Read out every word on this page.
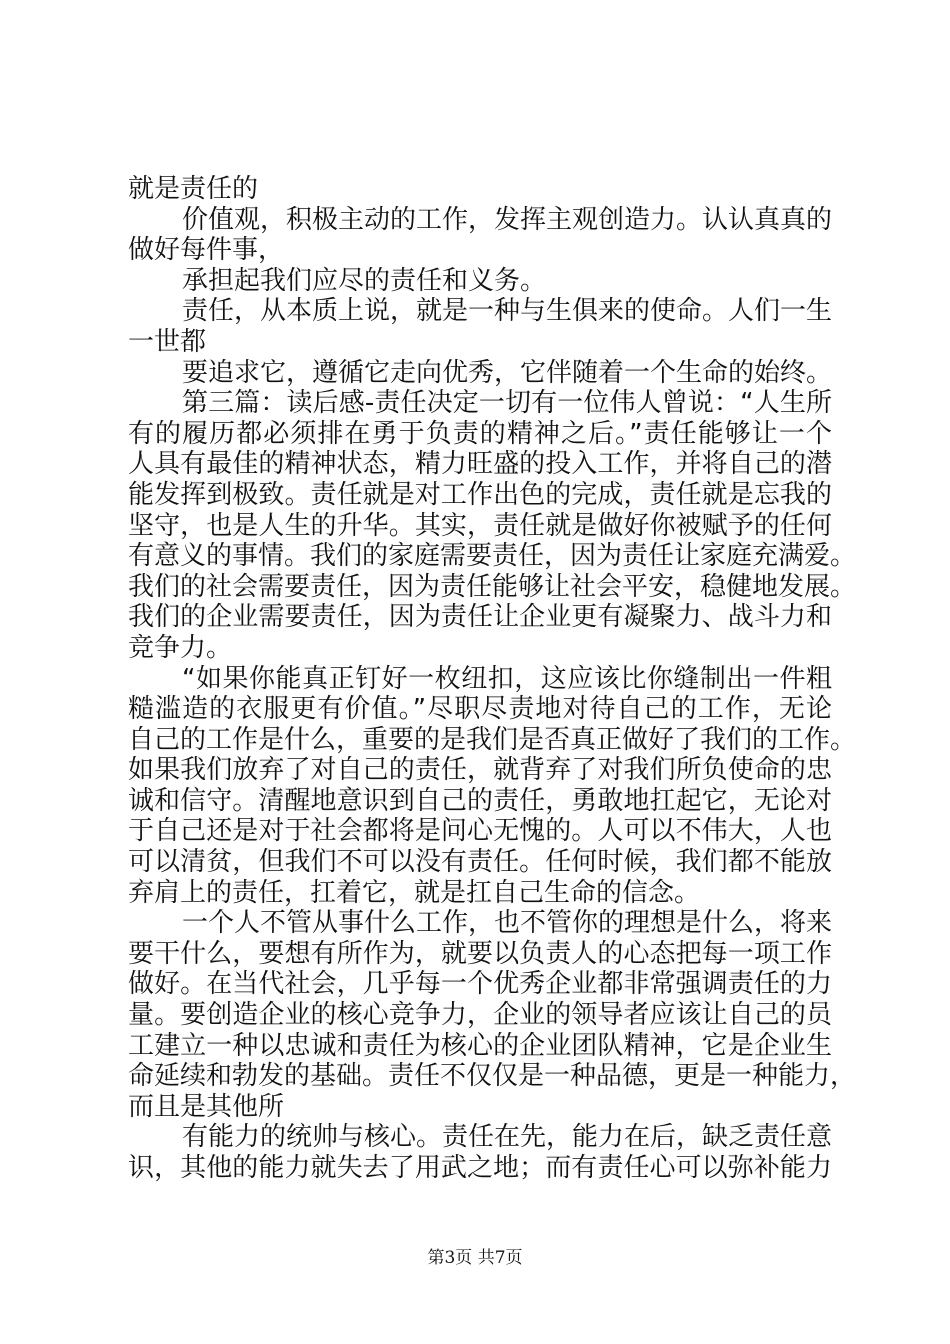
就是责任的
价值观，积极主动的工作，发挥主观创造力。认认真真的
做好每件事，
承担起我们应尽的责任和义务。
责任，从本质上说，就是一种与生俱来的使命。人们一生
一世都
要追求它，遵循它走向优秀，它伴随着一个生命的始终。
第三篇：读后感-责任决定一切有一位伟人曾说：“人生所
有的履历都必须排在勇于负责的精神之后。”责任能够让一个
人具有最佳的精神状态，精力旺盛的投入工作，并将自己的潜
能发挥到极致。责任就是对工作出色的完成，责任就是忘我的
坚守，也是人生的升华。其实，责任就是做好你被赋予的任何
有意义的事情。我们的家庭需要责任，因为责任让家庭充满爱。
我们的社会需要责任，因为责任能够让社会平安，稳健地发展。
我们的企业需要责任，因为责任让企业更有凝聚力、战斗力和
竞争力。
“如果你能真正钉好一枚纽扣，这应该比你缝制出一件粗
糙滥造的衣服更有价值。”尽职尽责地对待自己的工作，无论
自己的工作是什么，重要的是我们是否真正做好了我们的工作。
如果我们放弃了对自己的责任，就背弃了对我们所负使命的忠
诚和信守。清醒地意识到自己的责任，勇敢地扛起它，无论对
于自己还是对于社会都将是问心无愧的。人可以不伟大，人也
可以清贫，但我们不可以没有责任。任何时候，我们都不能放
弃肩上的责任，扛着它，就是扛自己生命的信念。
一个人不管从事什么工作，也不管你的理想是什么，将来
要干什么，要想有所作为，就要以负责人的心态把每一项工作
做好。在当代社会，几乎每一个优秀企业都非常强调责任的力
量。要创造企业的核心竞争力，企业的领导者应该让自己的员
工建立一种以忠诚和责任为核心的企业团队精神，它是企业生
命延续和勃发的基础。责任不仅仅是一种品德，更是一种能力，
而且是其他所
有能力的统帅与核心。责任在先，能力在后，缺乏责任意
识，其他的能力就失去了用武之地；而有责任心可以弥补能力
第3页 共7页
